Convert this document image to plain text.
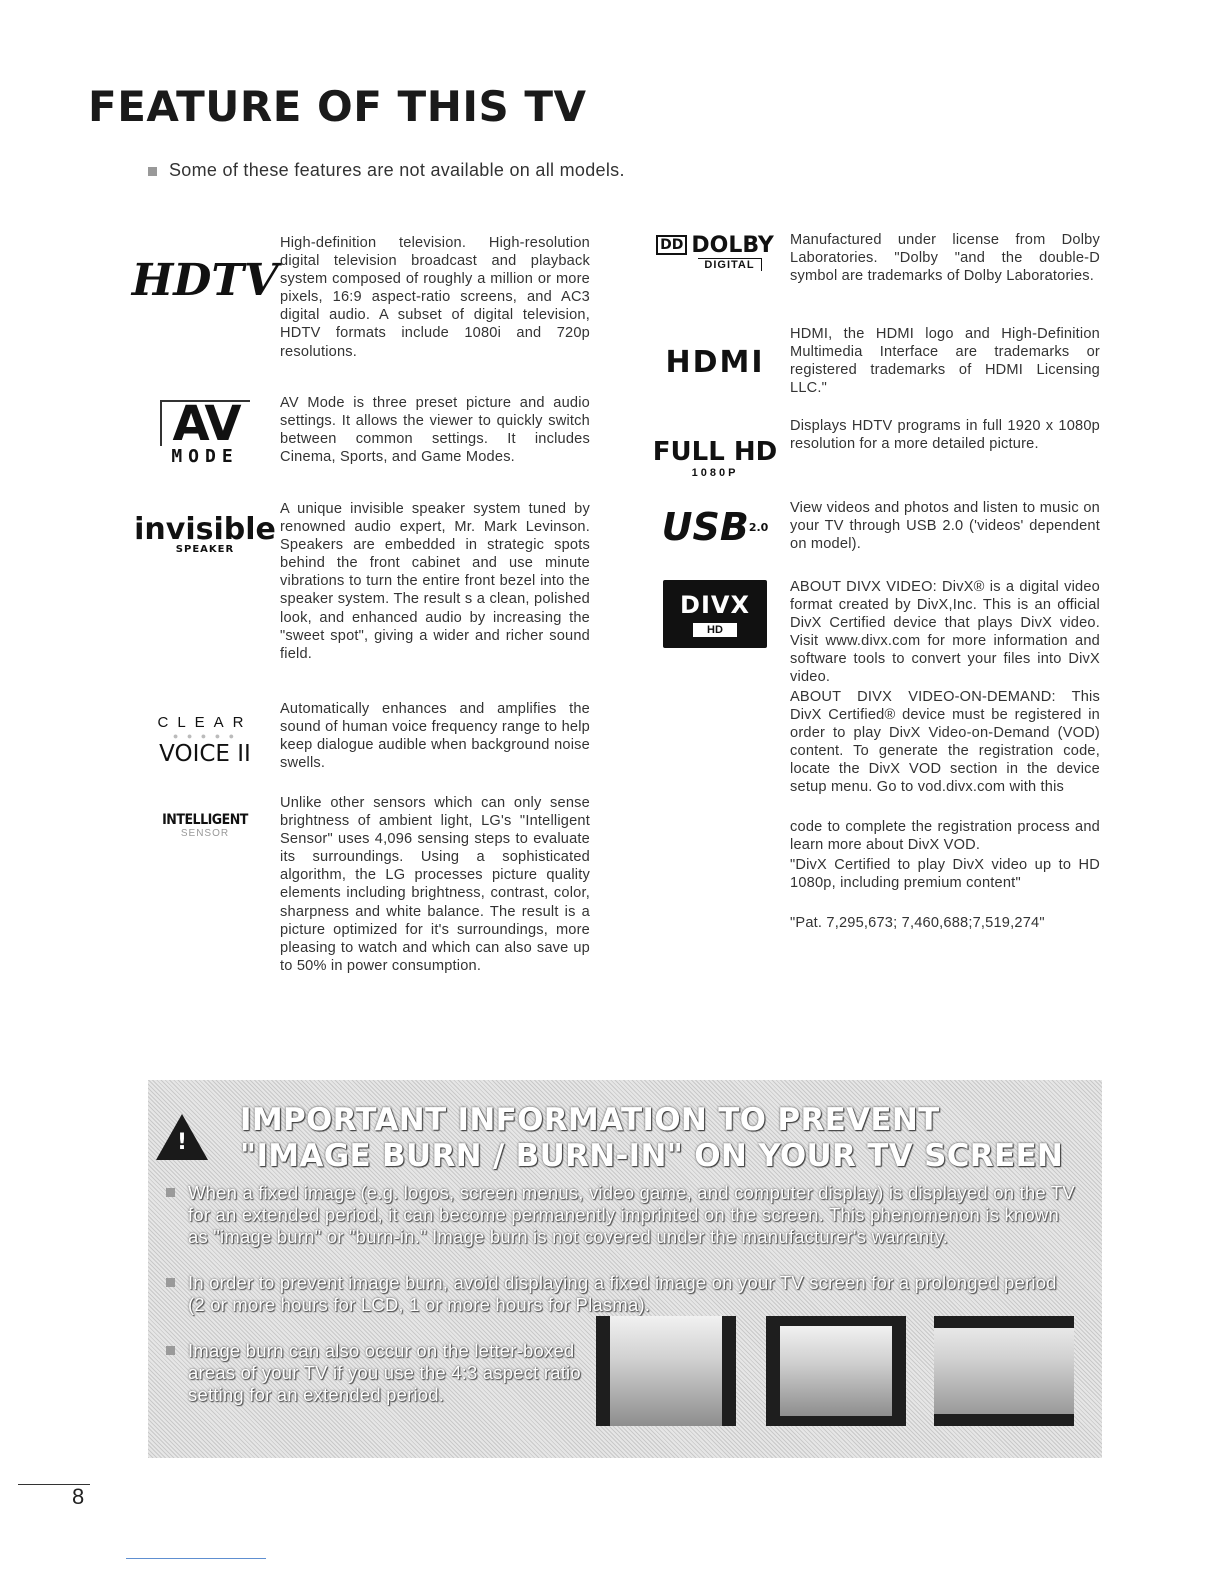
FEATURE OF THIS TV
Some of these features are not available on all models.
HDTV
High-definition television. High-resolution digital television broadcast and playback system composed of roughly a million or more pixels, 16:9 aspect-ratio screens, and AC3 digital audio. A subset of digital television, HDTV formats include 1080i and 720p resolutions.
AV
MODE
AV Mode is three preset picture and audio settings. It allows the viewer to quickly switch between common settings. It includes Cinema, Sports, and Game Modes.
invisible
SPEAKER
A unique invisible speaker system tuned by renowned audio expert, Mr. Mark Levinson. Speakers are embedded in strategic spots behind the front cabinet and use minute vibrations to turn the entire front bezel into the speaker system. The result s a clean, polished look, and enhanced audio by increasing the "sweet spot", giving a wider and richer sound field.
CLEAR
● ● ● ● ●
VOICE II
Automatically enhances and amplifies the sound of human voice frequency range to help keep dialogue audible when background noise swells.
INTELLIGENT
SENSOR
Unlike other sensors which can only sense brightness of ambient light, LG's "Intelligent Sensor" uses 4,096 sensing steps to evaluate its surroundings. Using a sophisticated algorithm, the LG processes picture quality elements including brightness, contrast, color, sharpness and white balance. The result is a picture optimized for it's surroundings, more pleasing to watch and which can also save up to 50% in power consumption.
DD DOLBY
DIGITAL
Manufactured under license from Dolby Laboratories. "Dolby "and the double-D symbol are trademarks of Dolby Laboratories.
HDMI
HDMI, the HDMI logo and High-Definition Multimedia Interface are trademarks or registered trademarks of HDMI Licensing LLC."
FULL HD
1080P
Displays HDTV programs in full 1920 x 1080p resolution for a more detailed picture.
USB 2.0
View videos and photos and listen to music on your TV through USB 2.0 ('videos' dependent on model).
DIVX
HD
ABOUT DIVX VIDEO: DivX® is a digital video format created by DivX,Inc. This is an official DivX Certified device that plays DivX video. Visit www.divx.com for more information and software tools to convert your files into DivX video.
ABOUT DIVX VIDEO-ON-DEMAND: This DivX Certified® device must be registered in order to play DivX Video-on-Demand (VOD) content. To generate the registration code, locate the DivX VOD section in the device setup menu. Go to vod.divx.com with this
code to complete the registration process and learn more about DivX VOD.
"DivX Certified to play DivX video up to HD 1080p, including premium content"
"Pat. 7,295,673; 7,460,688;7,519,274"
!
IMPORTANT INFORMATION TO PREVENT "IMAGE BURN / BURN-IN" ON YOUR TV SCREEN
When a fixed image (e.g. logos, screen menus, video game, and computer display) is displayed on the TV for an extended period, it can become permanently imprinted on the screen. This phenomenon is known as "image burn" or "burn-in." Image burn is not covered under the manufacturer's warranty.
In order to prevent image burn, avoid displaying a fixed image on your TV screen for a prolonged period (2 or more hours for LCD, 1 or more hours for Plasma).
Image burn can also occur on the letter-boxed areas of your TV if you use the 4:3 aspect ratio setting for an extended period.
8
